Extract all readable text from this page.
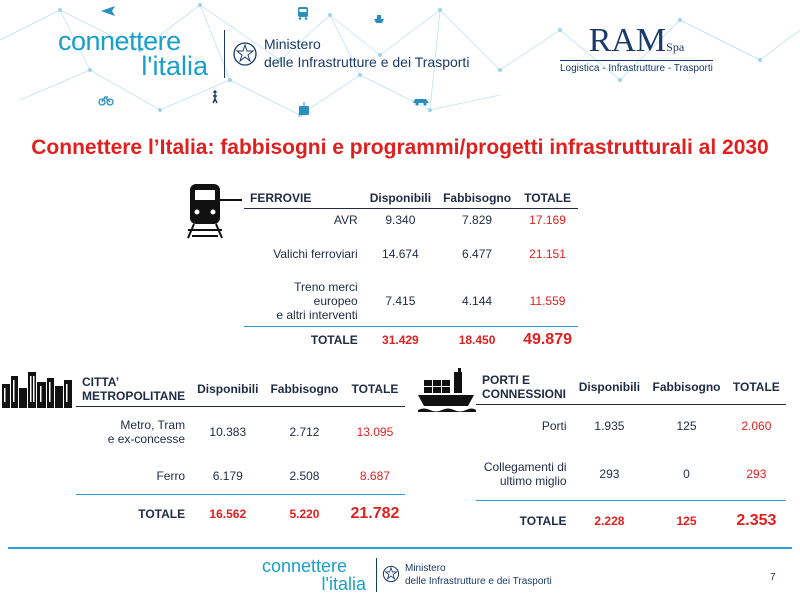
connettere
l'italia
Ministero
delle Infrastrutture e dei Trasporti
RAMSpa
Logistica - Infrastrutture - Trasporti
Connettere l’Italia: fabbisogni e programmi/progetti infrastrutturali al 2030
FERROVIE	Disponibili	Fabbisogno	TOTALE
AVR	9.340	7.829	17.169
Valichi ferroviari	14.674	6.477	21.151

Treno merci europeo
e altri interventi	7.415	4.144	11.559
TOTALE	31.429	18.450	49.879
CITTA’
METROPOLITANE	Disponibili	Fabbisogno	TOTALE

Metro, Tram
e ex-concesse	10.383	2.712	13.095
Ferro	6.179	2.508	8.687
TOTALE	16.562	5.220	21.782
PORTI E
CONNESSIONI	Disponibili	Fabbisogno	TOTALE
Porti	1.935	125	2.060

Collegamenti di
ultimo miglio	293	0	293
TOTALE	2.228	125	2.353
connettere
l'italia
Ministero
delle Infrastrutture e dei Trasporti	7
